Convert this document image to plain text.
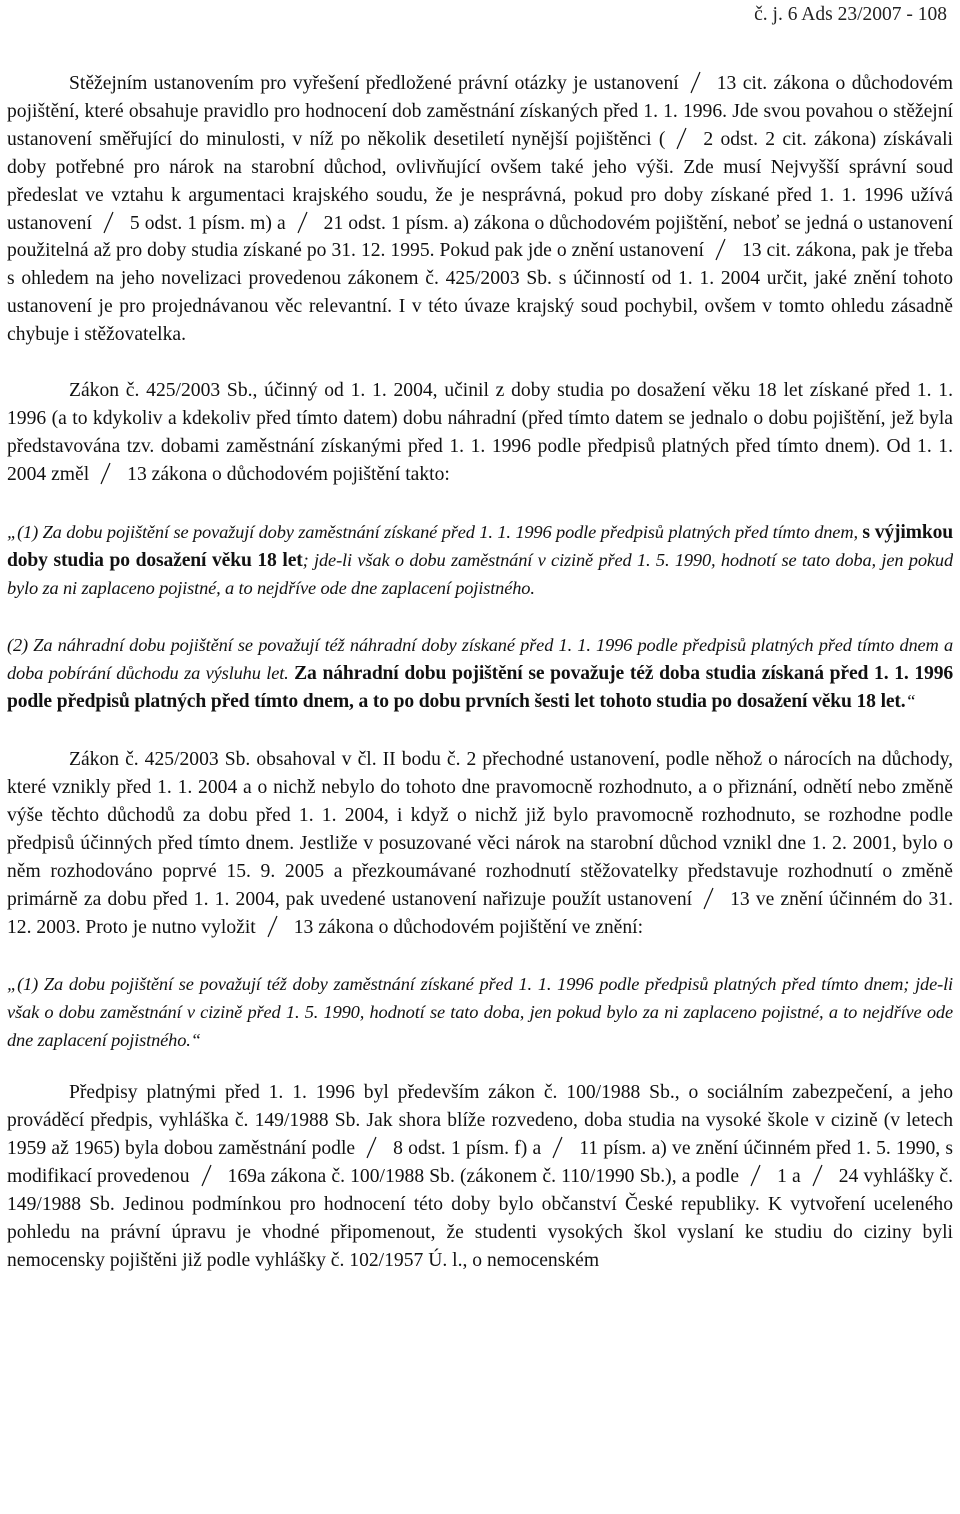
č. j. 6 Ads 23/2007 - 108

Stěžejním ustanovením pro vyřešení předložené právní otázky je ustanovení 13 cit. zákona o důchodovém pojištění, které obsahuje pravidlo pro hodnocení dob zaměstnání získaných před 1. 1. 1996. Jde svou povahou o stěžejní ustanovení směřující do minulosti, v níž po několik desetiletí nynější pojištěnci ( 2 odst. 2 cit. zákona) získávali doby potřebné pro nárok na starobní důchod, ovlivňující ovšem také jeho výši. Zde musí Nejvyšší správní soud předeslat ve vztahu k argumentaci krajského soudu, že je nesprávná, pokud pro doby získané před 1. 1. 1996 užívá ustanovení 5 odst. 1 písm. m) a 21 odst. 1 písm. a) zákona o důchodovém pojištění, neboť se jedná o ustanovení použitelná až pro doby studia získané po 31. 12. 1995. Pokud pak jde o znění ustanovení 13 cit. zákona, pak je třeba s ohledem na jeho novelizaci provedenou zákonem č. 425/2003 Sb. s účinností od 1. 1. 2004 určit, jaké znění tohoto ustanovení je pro projednávanou věc relevantní. I v této úvaze krajský soud pochybil, ovšem v tomto ohledu zásadně chybuje i stěžovatelka.

Zákon č. 425/2003 Sb., účinný od 1. 1. 2004, učinil z doby studia po dosažení věku 18 let získané před 1. 1. 1996 (a to kdykoliv a kdekoliv před tímto datem) dobu náhradní (před tímto datem se jednalo o dobu pojištění, jež byla představována tzv. dobami zaměstnání získanými před 1. 1. 1996 podle předpisů platných před tímto dnem). Od 1. 1. 2004 změl 13 zákona o důchodovém pojištění takto:

„(1) Za dobu pojištění se považují doby zaměstnání získané před 1. 1. 1996 podle předpisů platných před tímto dnem, s výjimkou doby studia po dosažení věku 18 let; jde-li však o dobu zaměstnání v cizině před 1. 5. 1990, hodnotí se tato doba, jen pokud bylo za ni zaplaceno pojistné, a to nejdříve ode dne zaplacení pojistného.

(2) Za náhradní dobu pojištění se považují též náhradní doby získané před 1. 1. 1996 podle předpisů platných před tímto dnem a doba pobírání důchodu za výsluhu let. Za náhradní dobu pojištění se považuje též doba studia získaná před 1. 1. 1996 podle předpisů platných před tímto dnem, a to po dobu prvních šesti let tohoto studia po dosažení věku 18 let.“

Zákon č. 425/2003 Sb. obsahoval v čl. II bodu č. 2 přechodné ustanovení, podle něhož o nárocích na důchody, které vznikly před 1. 1. 2004 a o nichž nebylo do tohoto dne pravomocně rozhodnuto, a o přiznání, odnětí nebo změně výše těchto důchodů za dobu před 1. 1. 2004, i když o nichž již bylo pravomocně rozhodnuto, se rozhodne podle předpisů účinných před tímto dnem. Jestliže v posuzované věci nárok na starobní důchod vznikl dne 1. 2. 2001, bylo o něm rozhodováno poprvé 15. 9. 2005 a přezkoumávané rozhodnutí stěžovatelky představuje rozhodnutí o změně primárně za dobu před 1. 1. 2004, pak uvedené ustanovení nařizuje použít ustanovení 13 ve znění účinném do 31. 12. 2003. Proto je nutno vyložit 13 zákona o důchodovém pojištění ve znění:

„(1) Za dobu pojištění se považují též doby zaměstnání získané před 1. 1. 1996 podle předpisů platných před tímto dnem; jde-li však o dobu zaměstnání v cizině před 1. 5. 1990, hodnotí se tato doba, jen pokud bylo za ni zaplaceno pojistné, a to nejdříve ode dne zaplacení pojistného.“

Předpisy platnými před 1. 1. 1996 byl především zákon č. 100/1988 Sb., o sociálním zabezpečení, a jeho prováděcí předpis, vyhláška č. 149/1988 Sb. Jak shora blíže rozvedeno, doba studia na vysoké škole v cizině (v letech 1959 až 1965) byla dobou zaměstnání podle 8 odst. 1 písm. f) a 11 písm. a) ve znění účinném před 1. 5. 1990, s modifikací provedenou 169a zákona č. 100/1988 Sb. (zákonem č. 110/1990 Sb.), a podle 1 a 24 vyhlášky č. 149/1988 Sb. Jedinou podmínkou pro hodnocení této doby bylo občanství České republiky. K vytvoření uceleného pohledu na právní úpravu je vhodné připomenout, že studenti vysokých škol vyslaní ke studiu do ciziny byli nemocensky pojištěni již podle vyhlášky č. 102/1957 Ú. l., o nemocenském
